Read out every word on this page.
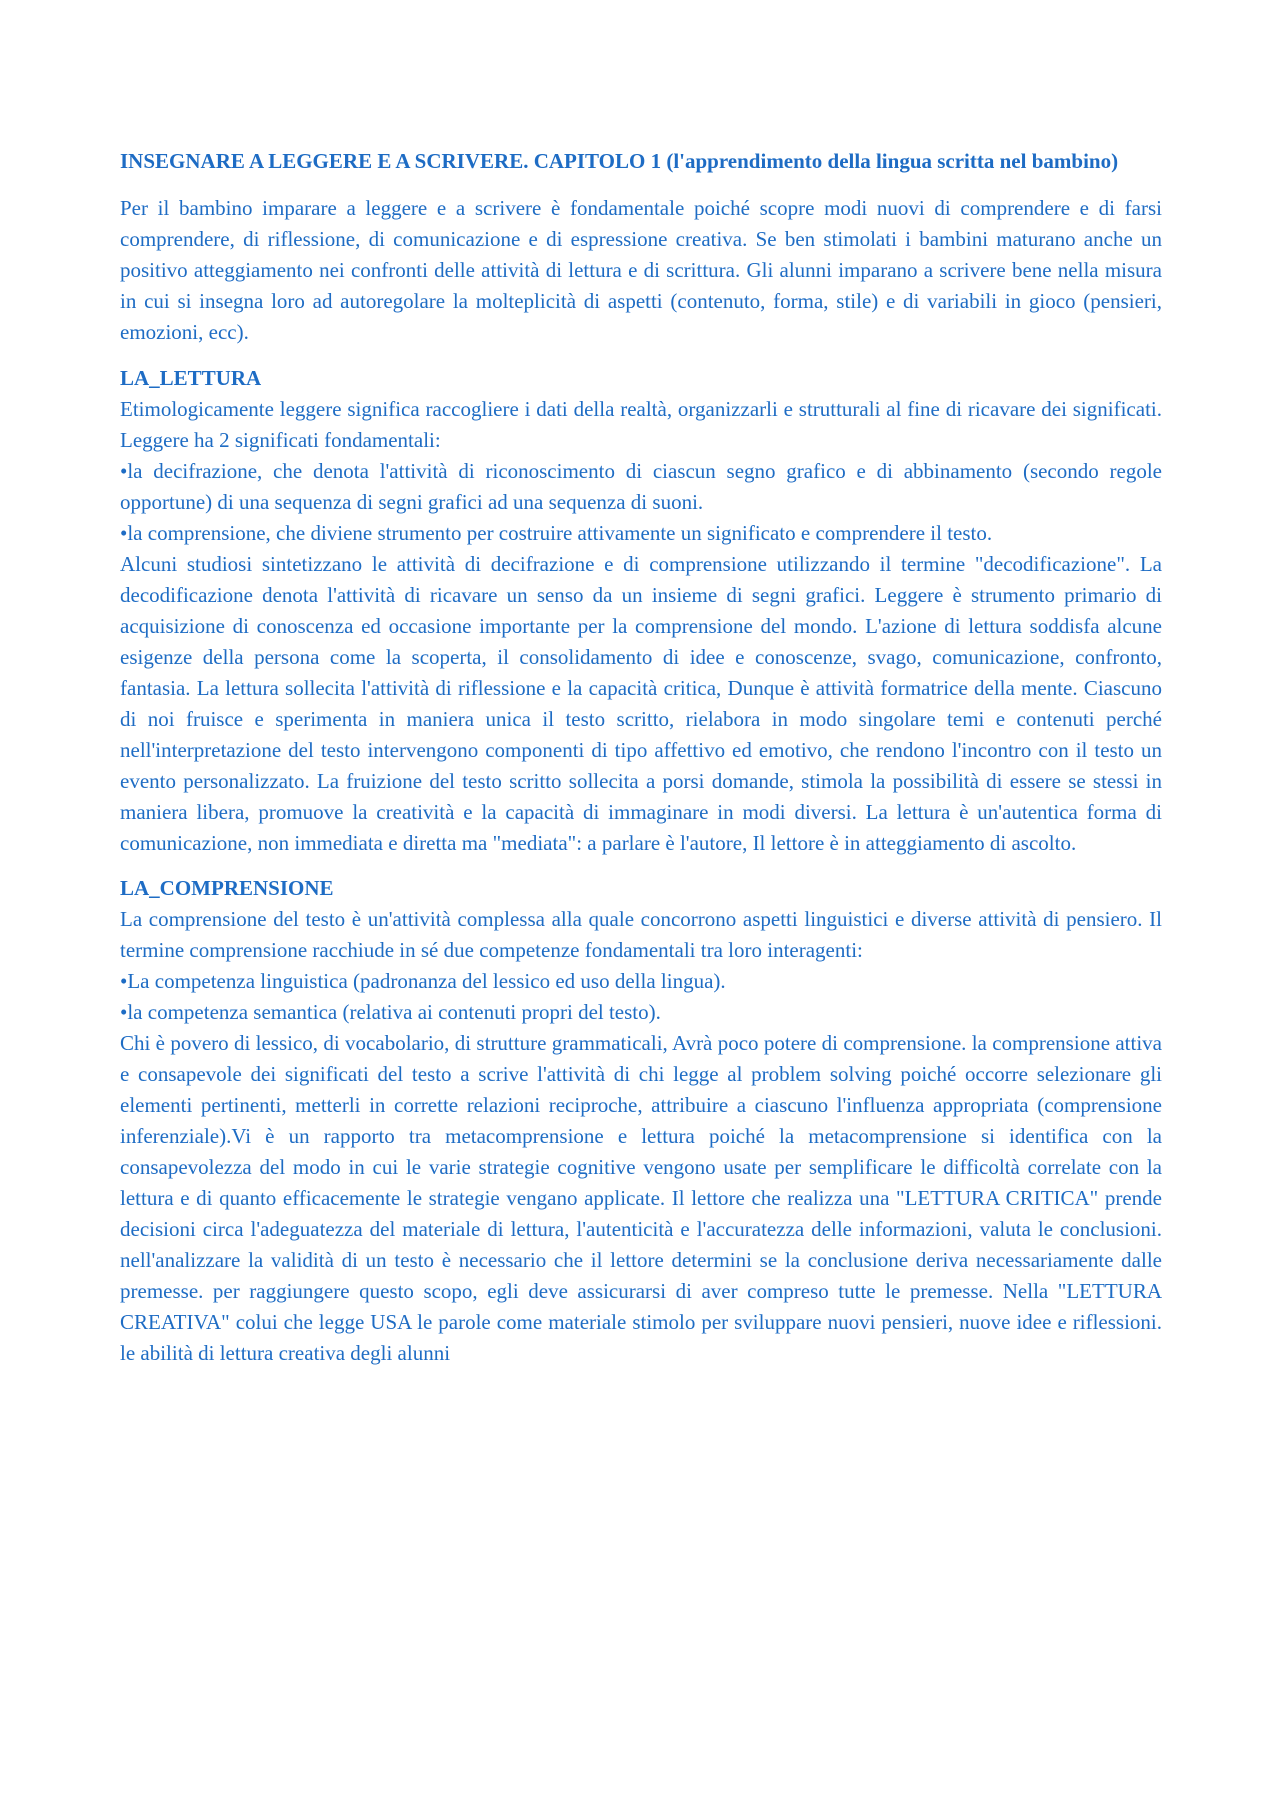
INSEGNARE A LEGGERE E A SCRIVERE. CAPITOLO 1 (l'apprendimento della lingua scritta nel bambino)

Per il bambino imparare a leggere e a scrivere è fondamentale poiché scopre modi nuovi di comprendere e di farsi comprendere, di riflessione, di comunicazione e di espressione creativa. Se ben stimolati i bambini maturano anche un positivo atteggiamento nei confronti delle attività di lettura e di scrittura. Gli alunni imparano a scrivere bene nella misura in cui si insegna loro ad autoregolare la molteplicità di aspetti (contenuto, forma, stile) e di variabili in gioco (pensieri, emozioni, ecc).

LA_LETTURA

Etimologicamente leggere significa raccogliere i dati della realtà, organizzarli e strutturali al fine di ricavare dei significati. Leggere ha 2 significati fondamentali:

•la decifrazione, che denota l'attività di riconoscimento di ciascun segno grafico e di abbinamento (secondo regole opportune) di una sequenza di segni grafici ad una sequenza di suoni.

•la comprensione, che diviene strumento per costruire attivamente un significato e comprendere il testo.

Alcuni studiosi sintetizzano le attività di decifrazione e di comprensione utilizzando il termine "decodificazione". La decodificazione denota l'attività di ricavare un senso da un insieme di segni grafici. Leggere è strumento primario di acquisizione di conoscenza ed occasione importante per la comprensione del mondo. L'azione di lettura soddisfa alcune esigenze della persona come la scoperta, il consolidamento di idee e conoscenze, svago, comunicazione, confronto, fantasia. La lettura sollecita l'attività di riflessione e la capacità critica, Dunque è attività formatrice della mente. Ciascuno di noi fruisce e sperimenta in maniera unica il testo scritto, rielabora in modo singolare temi e contenuti perché nell'interpretazione del testo intervengono componenti di tipo affettivo ed emotivo, che rendono l'incontro con il testo un evento personalizzato. La fruizione del testo scritto sollecita a porsi domande, stimola la possibilità di essere se stessi in maniera libera, promuove la creatività e la capacità di immaginare in modi diversi. La lettura è un'autentica forma di comunicazione, non immediata e diretta ma "mediata": a parlare è l'autore, Il lettore è in atteggiamento di ascolto.

LA_COMPRENSIONE

La comprensione del testo è un'attività complessa alla quale concorrono aspetti linguistici e diverse attività di pensiero. Il termine comprensione racchiude in sé due competenze fondamentali tra loro interagenti:

•La competenza linguistica (padronanza del lessico ed uso della lingua).

•la competenza semantica (relativa ai contenuti propri del testo).

Chi è povero di lessico, di vocabolario, di strutture grammaticali, Avrà poco potere di comprensione. la comprensione attiva e consapevole dei significati del testo a scrive l'attività di chi legge al problem solving poiché occorre selezionare gli elementi pertinenti, metterli in corrette relazioni reciproche, attribuire a ciascuno l'influenza appropriata (comprensione inferenziale).Vi è un rapporto tra metacomprensione e lettura poiché la metacomprensione si identifica con la consapevolezza del modo in cui le varie strategie cognitive vengono usate per semplificare le difficoltà correlate con la lettura e di quanto efficacemente le strategie vengano applicate. Il lettore che realizza una "LETTURA CRITICA" prende decisioni circa l'adeguatezza del materiale di lettura, l'autenticità e l'accuratezza delle informazioni, valuta le conclusioni. nell'analizzare la validità di un testo è necessario che il lettore determini se la conclusione deriva necessariamente dalle premesse. per raggiungere questo scopo, egli deve assicurarsi di aver compreso tutte le premesse. Nella "LETTURA CREATIVA" colui che legge USA le parole come materiale stimolo per sviluppare nuovi pensieri, nuove idee e riflessioni. le abilità di lettura creativa degli alunni
